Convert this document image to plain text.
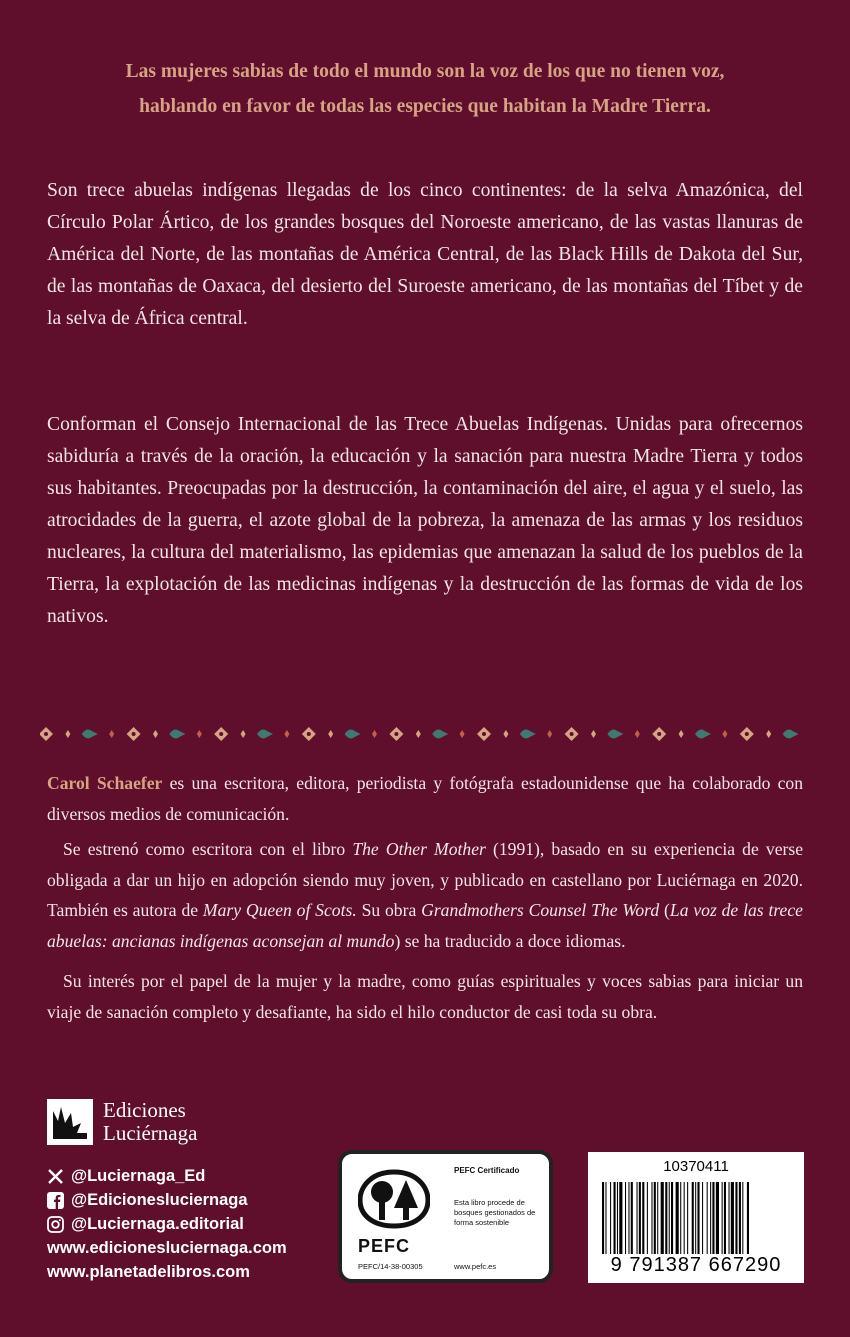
Las mujeres sabias de todo el mundo son la voz de los que no tienen voz,
hablando en favor de todas las especies que habitan la Madre Tierra.

Son trece abuelas indígenas llegadas de los cinco continentes: de la selva Amazónica, del Círculo Polar Ártico, de los grandes bosques del Noroeste americano, de las vastas llanuras de América del Norte, de las montañas de América Central, de las Black Hills de Dakota del Sur, de las montañas de Oaxaca, del desierto del Suroeste americano, de las montañas del Tíbet y de la selva de África central.

Conforman el Consejo Internacional de las Trece Abuelas Indígenas. Unidas para ofrecernos sabiduría a través de la oración, la educación y la sanación para nuestra Madre Tierra y todos sus habitantes. Preocupadas por la destrucción, la contaminación del aire, el agua y el suelo, las atrocidades de la guerra, el azote global de la pobreza, la amenaza de las armas y los residuos nucleares, la cultura del materialismo, las epidemias que amenazan la salud de los pueblos de la Tierra, la explotación de las medicinas indígenas y la destrucción de las formas de vida de los nativos.

Carol Schaefer es una escritora, editora, periodista y fotógrafa estadounidense que ha colaborado con diversos medios de comunicación.

Se estrenó como escritora con el libro The Other Mother (1991), basado en su experiencia de verse obligada a dar un hijo en adopción siendo muy joven, y publicado en castellano por Luciérnaga en 2020. También es autora de Mary Queen of Scots. Su obra Grandmothers Counsel The Word (La voz de las trece abuelas: ancianas indígenas aconsejan al mundo) se ha traducido a doce idiomas.

Su interés por el papel de la mujer y la madre, como guías espirituales y voces sabias para iniciar un viaje de sanación completo y desafiante, ha sido el hilo conductor de casi toda su obra.

Ediciones
Luciérnaga
@Luciernaga_Ed
@Edicionesluciernaga
@Luciernaga.editorial
www.edicionesluciernaga.com
www.planetadelibros.com
PEFC
PEFC/14-38-00305
PEFC Certificado
Esta libro procede de bosques gestionados de forma sostenible
www.pefc.es
10370411
9 791387 667290
